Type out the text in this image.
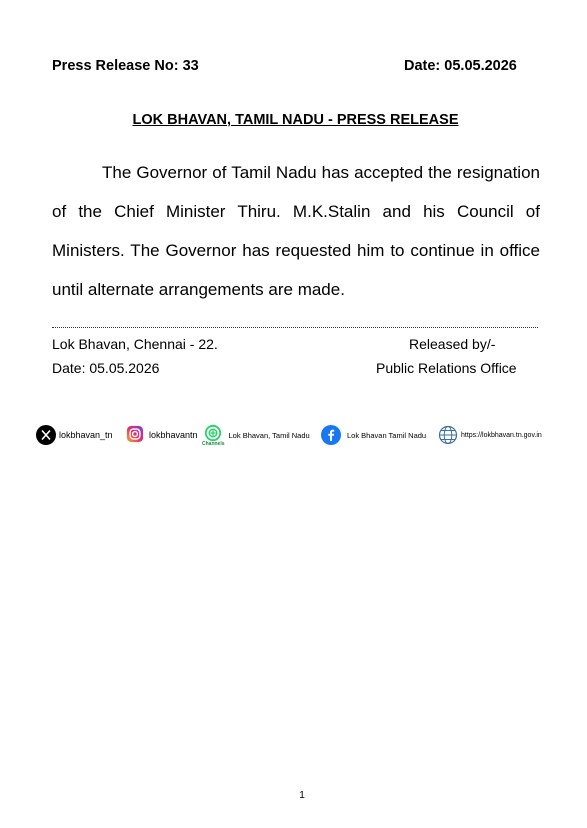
Press Release No: 33	Date: 05.05.2026
LOK BHAVAN, TAMIL NADU - PRESS RELEASE
The Governor of Tamil Nadu has accepted the resignation of the Chief Minister Thiru. M.K.Stalin and his Council of Ministers. The Governor has requested him to continue in office until alternate arrangements are made.
Lok Bhavan, Chennai - 22.
Date: 05.05.2026
Released by/-
Public Relations Office
lokbhavan_tn	lokbhavantn
Channels
Lok Bhavan, Tamil Nadu	Lok Bhavan Tamil Nadu	https://lokbhavan.tn.gov.in
1
